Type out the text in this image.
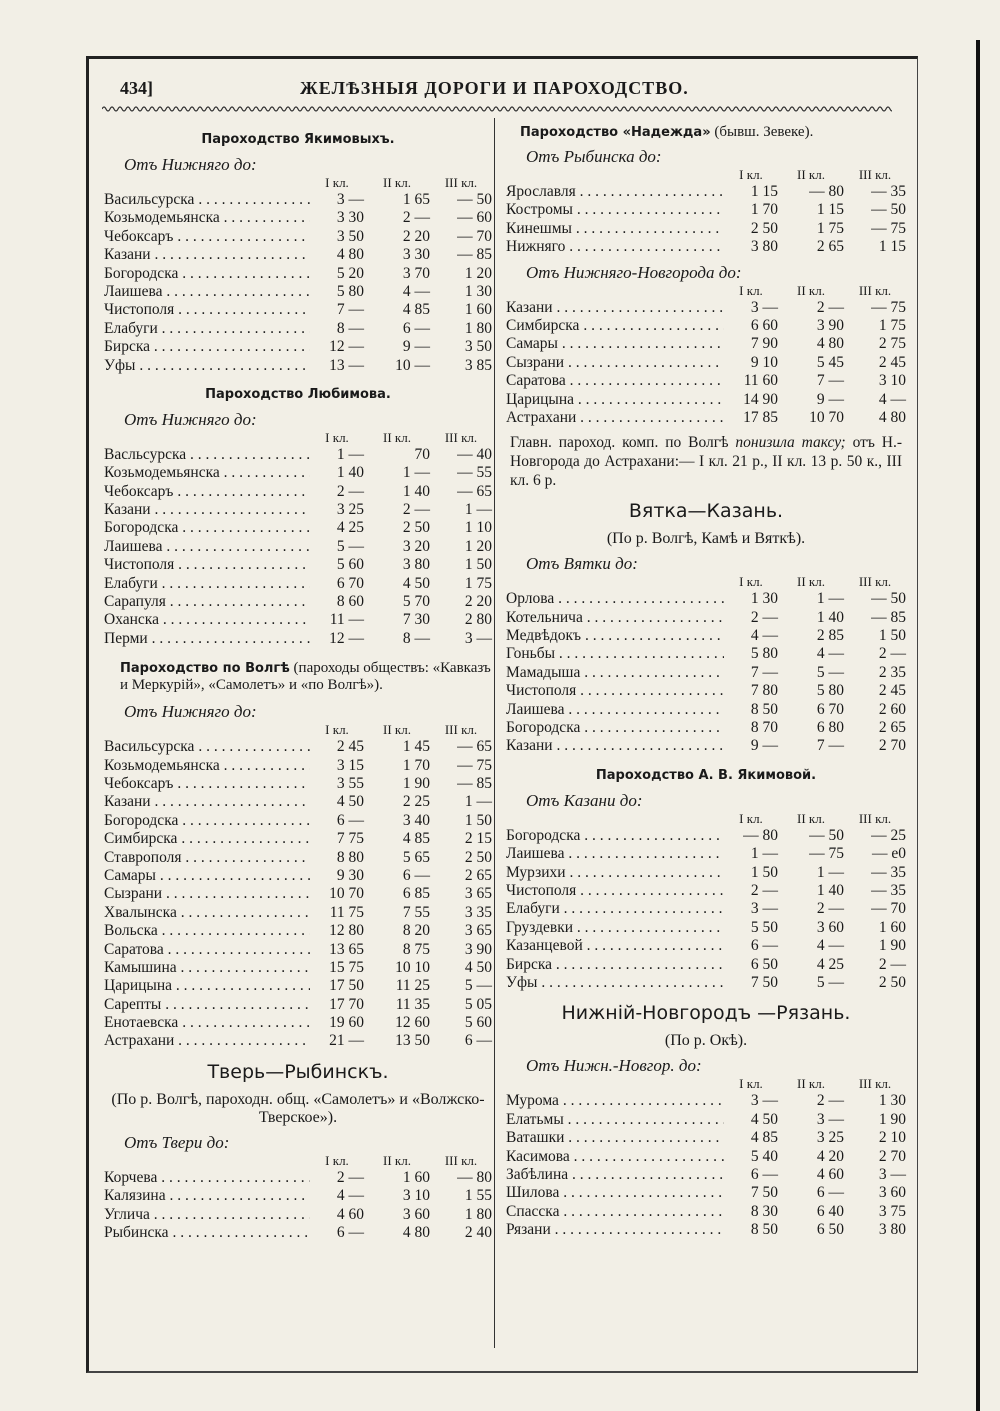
434]	ЖЕЛѢЗНЫЯ ДОРОГИ И ПАРОХОДСТВО.
Пароходство Якимовыхъ.
Отъ Нижняго до:
I кл.	II кл.	III кл.
Васильсурска . . .	3 —	1 65	— 50
Козьмодемьянска . . .	3 30	2 —	— 60
Чебоксаръ . . .	3 50	2 20	— 70
Казани . . .	4 80	3 30	— 85
Богородска . . .	5 20	3 70	1 20
Лаишева . . .	5 80	4 —	1 30
Чистополя . . .	7 —	4 85	1 60
Елабуги . . .	8 —	6 —	1 80
Бирска . . .	12 —	9 —	3 50
Уфы . . .	13 —	10 —	3 85
Пароходство Любимова.
Отъ Нижняго до:
I кл.	II кл.	III кл.
Васльсурска . . .	1 —	70	— 40
Козьмодемьянска . . .	1 40	1 —	— 55
Чебоксаръ . . .	2 —	1 40	— 65
Казани . . .	3 25	2 —	1 —
Богородска . . .	4 25	2 50	1 10
Лаишева . . .	5 —	3 20	1 20
Чистополя . . .	5 60	3 80	1 50
Елабуги . . .	6 70	4 50	1 75
Сарапуля . . .	8 60	5 70	2 20
Оханска . . .	11 —	7 30	2 80
Перми . . .	12 —	8 —	3 —
Пароходство по Волгѣ (пароходы обществъ: «Кавказъ и Меркурій», «Самолетъ» и «по Волгѣ»).
Отъ Нижняго до:
I кл.	II кл.	III кл.
Васильсурска . . .	2 45	1 45	— 65
Козьмодемьянска . . .	3 15	1 70	— 75
Чебоксаръ . . .	3 55	1 90	— 85
Казани . . .	4 50	2 25	1 —
Богородска . . .	6 —	3 40	1 50
Симбирска . . .	7 75	4 85	2 15
Ставрополя . . .	8 80	5 65	2 50
Самары . . .	9 30	6 —	2 65
Сызрани . . .	10 70	6 85	3 65
Хвалынска . . .	11 75	7 55	3 35
Вольска . . .	12 80	8 20	3 65
Саратова . . .	13 65	8 75	3 90
Камышина . . .	15 75	10 10	4 50
Царицына . . .	17 50	11 25	5 —
Сарепты . . .	17 70	11 35	5 05
Енотаевска . . .	19 60	12 60	5 60
Астрахани . . .	21 —	13 50	6 —
Тверь—Рыбинскъ.
(По р. Волгѣ, пароходн. общ. «Самолетъ» и «Волжско-Тверское»).
Отъ Твери до:
I кл.	II кл.	III кл.
Корчева . . .	2 —	1 60	— 80
Калязина . . .	4 —	3 10	1 55
Углича . . .	4 60	3 60	1 80
Рыбинска . . .	6 —	4 80	2 40
Пароходство «Надежда» (бывш. Зевеке).
Отъ Рыбинска до:
I кл.	II кл.	III кл.
Ярославля . . .	1 15	— 80	— 35
Костромы . . .	1 70	1 15	— 50
Кинешмы . . .	2 50	1 75	— 75
Нижняго . . .	3 80	2 65	1 15
Отъ Нижняго-Новгорода до:
I кл.	II кл.	III кл.
Казани . . .	3 —	2 —	— 75
Симбирска . . .	6 60	3 90	1 75
Самары . . .	7 90	4 80	2 75
Сызрани . . .	9 10	5 45	2 45
Саратова . . .	11 60	7 —	3 10
Царицына . . .	14 90	9 —	4 —
Астрахани . . .	17 85	10 70	4 80
Главн. пароход. комп. по Волгѣ понизила таксу; отъ Н.-Новгорода до Астрахани:— I кл. 21 р., II кл. 13 р. 50 к., III кл. 6 р.
Вятка—Казань.
(По р. Волгѣ, Камѣ и Вяткѣ).
Отъ Вятки до:
I кл.	II кл.	III кл.
Орлова . . .	1 30	1 —	— 50
Котельнича . . .	2 —	1 40	— 85
Медвѣдокъ . . .	4 —	2 85	1 50
Гоньбы . . .	5 80	4 —	2 —
Мамадыша . . .	7 —	5 —	2 35
Чистополя . . .	7 80	5 80	2 45
Лаишева . . .	8 50	6 70	2 60
Богородска . . .	8 70	6 80	2 65
Казани . . .	9 —	7 —	2 70
Пароходство А. В. Якимовой.
Отъ Казани до:
I кл.	II кл.	III кл.
Богородска . . .	— 80	— 50	— 25
Лаишева . . .	1 —	— 75	— е0
Мурзихи . . .	1 50	1 —	— 35
Чистополя . . .	2 —	1 40	— 35
Елабуги . . .	3 —	2 —	— 70
Груздевки . . .	5 50	3 60	1 60
Казанцевой . . .	6 —	4 —	1 90
Бирска . . .	6 50	4 25	2 —
Уфы . . .	7 50	5 —	2 50
Нижній-Новгородъ —Рязань.
(По р. Окѣ).
Отъ Нижн.-Новгор. до:
I кл.	II кл.	III кл.
Мурома . . .	3 —	2 —	1 30
Елатьмы . . .	4 50	3 —	1 90
Ваташки . . .	4 85	3 25	2 10
Касимова . . .	5 40	4 20	2 70
Забѣлина . . .	6 —	4 60	3 —
Шилова . . .	7 50	6 —	3 60
Спасска . . .	8 30	6 40	3 75
Рязани . . .	8 50	6 50	3 80
